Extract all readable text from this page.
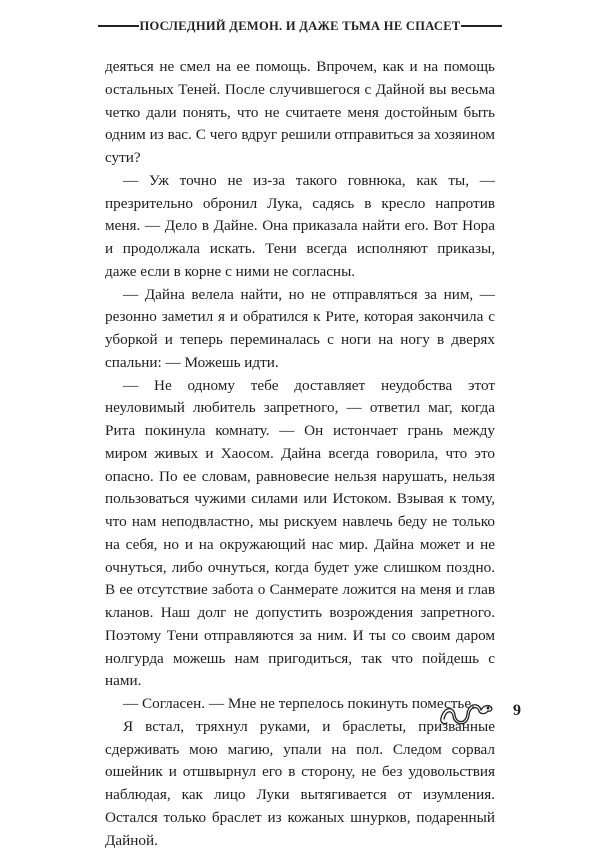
ПОСЛЕДНИЙ ДЕМОН. И ДАЖЕ ТЬМА НЕ СПАСЕТ

деяться не смел на ее помощь. Впрочем, как и на помощь остальных Теней. После случившегося с Дайной вы весьма четко дали понять, что не считаете меня достойным быть одним из вас. С чего вдруг решили отправиться за хозяином сути?

— Уж точно не из-за такого говнюка, как ты, — презрительно обронил Лука, садясь в кресло напротив меня. — Дело в Дайне. Она приказала найти его. Вот Нора и продолжала искать. Тени всегда исполняют приказы, даже если в корне с ними не согласны.

— Дайна велела найти, но не отправляться за ним, — резонно заметил я и обратился к Рите, которая закончила с уборкой и теперь переминалась с ноги на ногу в дверях спальни: — Можешь идти.

— Не одному тебе доставляет неудобства этот неуловимый любитель запретного, — ответил маг, когда Рита покинула комнату. — Он истончает грань между миром живых и Хаосом. Дайна всегда говорила, что это опасно. По ее словам, равновесие нельзя нарушать, нельзя пользоваться чужими силами или Истоком. Взывая к тому, что нам неподвластно, мы рискуем навлечь беду не только на себя, но и на окружающий нас мир. Дайна может и не очнуться, либо очнуться, когда будет уже слишком поздно. В ее отсутствие забота о Санмерате ложится на меня и глав кланов. Наш долг не допустить возрождения запретного. Поэтому Тени отправляются за ним. И ты со своим даром нолгурда можешь нам пригодиться, так что пойдешь с нами.

— Согласен. — Мне не терпелось покинуть поместье.

Я встал, тряхнул руками, и браслеты, призванные сдерживать мою магию, упали на пол. Следом сорвал ошейник и отшвырнул его в сторону, не без удовольствия наблюдая, как лицо Луки вытягивается от изумления. Остался только браслет из кожаных шнурков, подаренный Дайной.

9
